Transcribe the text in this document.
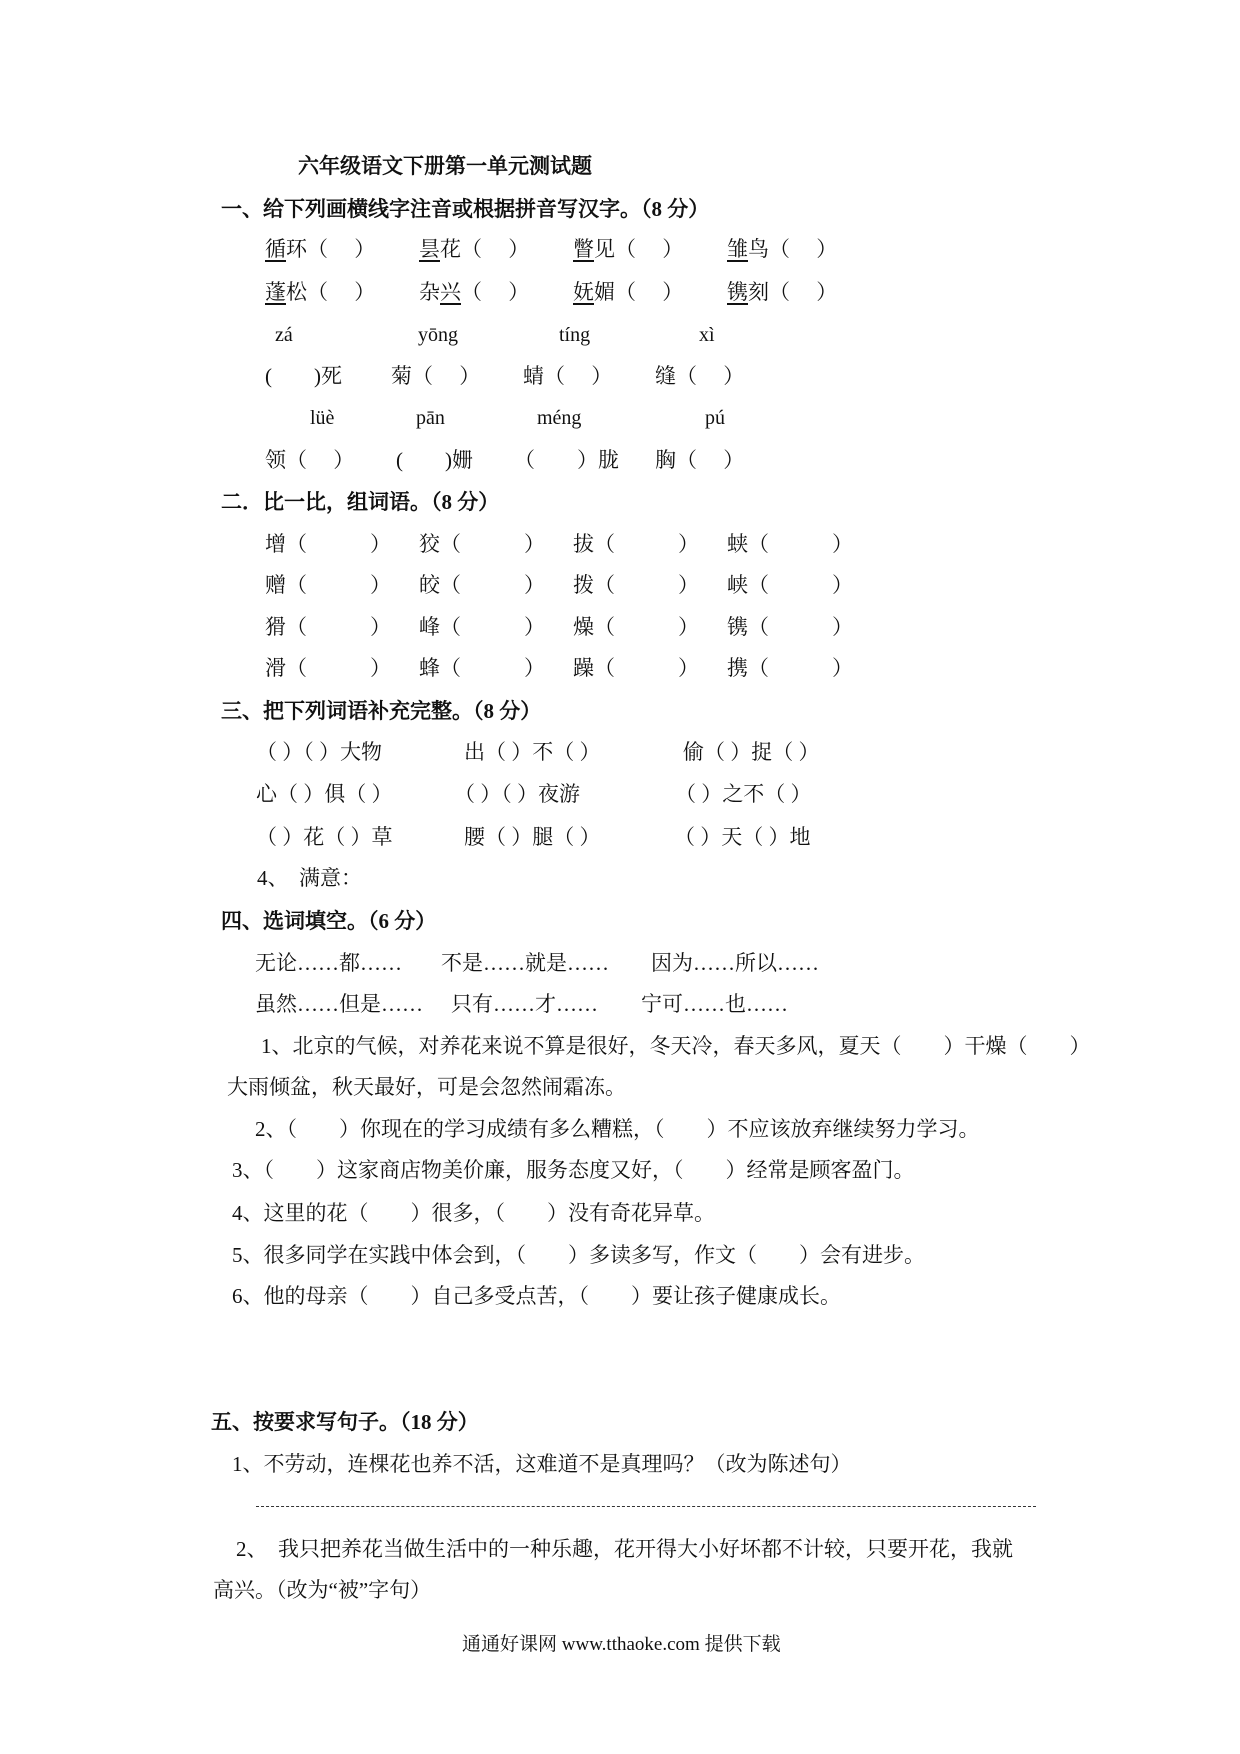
六年级语文下册第一单元测试题
一、给下列画横线字注音或根据拼音写汉字。（8 分）
循环（　 ） 昙花（　 ） 瞥见（　 ） 雏鸟（　 ）
蓬松（　 ） 杂兴（　 ） 妩媚（　 ） 镌刻（　 ）
zá	yōng	tíng	xì
(　　)死 菊（　 ） 蜻（　 ） 缝（　 ）
lüè	pān	méng	pú
领（　 ） (　　)姗 （　　）胧 胸（　 ）
二．比一比，组词语。（8 分）
增（　　　） 狡（　　　） 拔（　　　） 蛱（　　　）
赠（　　　） 皎（　　　） 拨（　　　） 峡（　　　）
猾（　　　） 峰（　　　） 燥（　　　） 镌（　　　）
滑（　　　） 蜂（　　　） 躁（　　　） 携（　　　）
三、把下列词语补充完整。（8 分）
（ ）（ ）大物	出（ ）不（ ）	偷（ ）捉（ ）
心（ ）俱（ ）	（ ）（ ）夜游	（ ）之不（ ）
（ ）花（ ）草	腰（ ）腿（ ）	（ ）天（ ）地
4、　满意：
四、选词填空。（6 分）
无论……都…… 不是……就是…… 因为……所以……
虽然……但是…… 只有……才…… 宁可……也……
1、北京的气候，对养花来说不算是很好，冬天冷，春天多风，夏天（　　）干燥（　　）
大雨倾盆，秋天最好，可是会忽然闹霜冻。
2、（　　）你现在的学习成绩有多么糟糕，（　　）不应该放弃继续努力学习。
3、（　　）这家商店物美价廉，服务态度又好，（　　）经常是顾客盈门。
4、这里的花（　　）很多，（　　）没有奇花异草。
5、很多同学在实践中体会到，（　　）多读多写，作文（　　）会有进步。
6、他的母亲（　　）自己多受点苦，（　　）要让孩子健康成长。
五、按要求写句子。（18 分）
1、不劳动，连棵花也养不活，这难道不是真理吗？（改为陈述句）
2、　我只把养花当做生活中的一种乐趣，花开得大小好坏都不计较，只要开花，我就
高兴。（改为“被”字句）
通通好课网 www.tthaoke.com 提供下载
